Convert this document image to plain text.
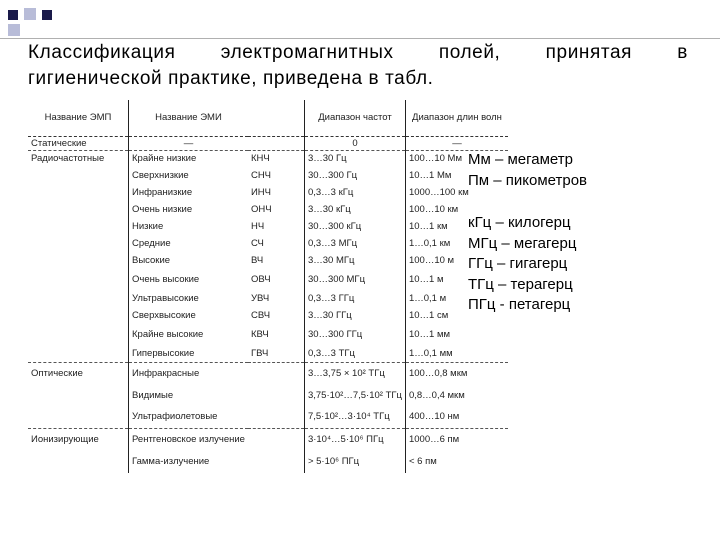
Классификация электромагнитных полей, принятая в
гигиенической практике, приведена в табл.
Название ЭМП	Название ЭМИ		Диапазон частот	Диапазон длин волн
Статические	—		0	—
Радиочастотные	Крайне низкие	КНЧ	3…30 Гц	100…10 Мм
	Сверхнизкие	СНЧ	30…300 Гц	10…1 Мм
	Инфранизкие	ИНЧ	0,3…3 кГц	1000…100 км
	Очень низкие	ОНЧ	3…30 кГц	100…10 км
	Низкие	НЧ	30…300 кГц	10…1 км
	Средние	СЧ	0,3…3 МГц	1…0,1 км
	Высокие	ВЧ	3…30 МГц	100…10 м
	Очень высокие	ОВЧ	30…300 МГц	10…1 м
	Ультравысокие	УВЧ	0,3…3 ГГц	1…0,1 м
	Сверхвысокие	СВЧ	3…30 ГГц	10…1 см
	Крайне высокие	КВЧ	30…300 ГГц	10…1 мм
	Гипервысокие	ГВЧ	0,3…3 ТГц	1…0,1 мм
Оптические	Инфракрасные		3…3,75 × 10² ТГц	100…0,8 мкм
	Видимые		3,75·10²…7,5·10² ТГц	0,8…0,4 мкм
	Ультрафиолетовые		7,5·10²…3·10⁴ ТГц	400…10 нм
Ионизирующие	Рентгеновское излучение		3·10⁴…5·10⁶ ПГц	1000…6 пм
	Гамма-излучение		> 5·10⁶ ПГц	< 6 пм
Мм – мегаметр
Пм – пикометров
кГц – килогерц
МГц – мегагерц
ГГц – гигагерц
ТГц – терагерц
ПГц - петагерц
